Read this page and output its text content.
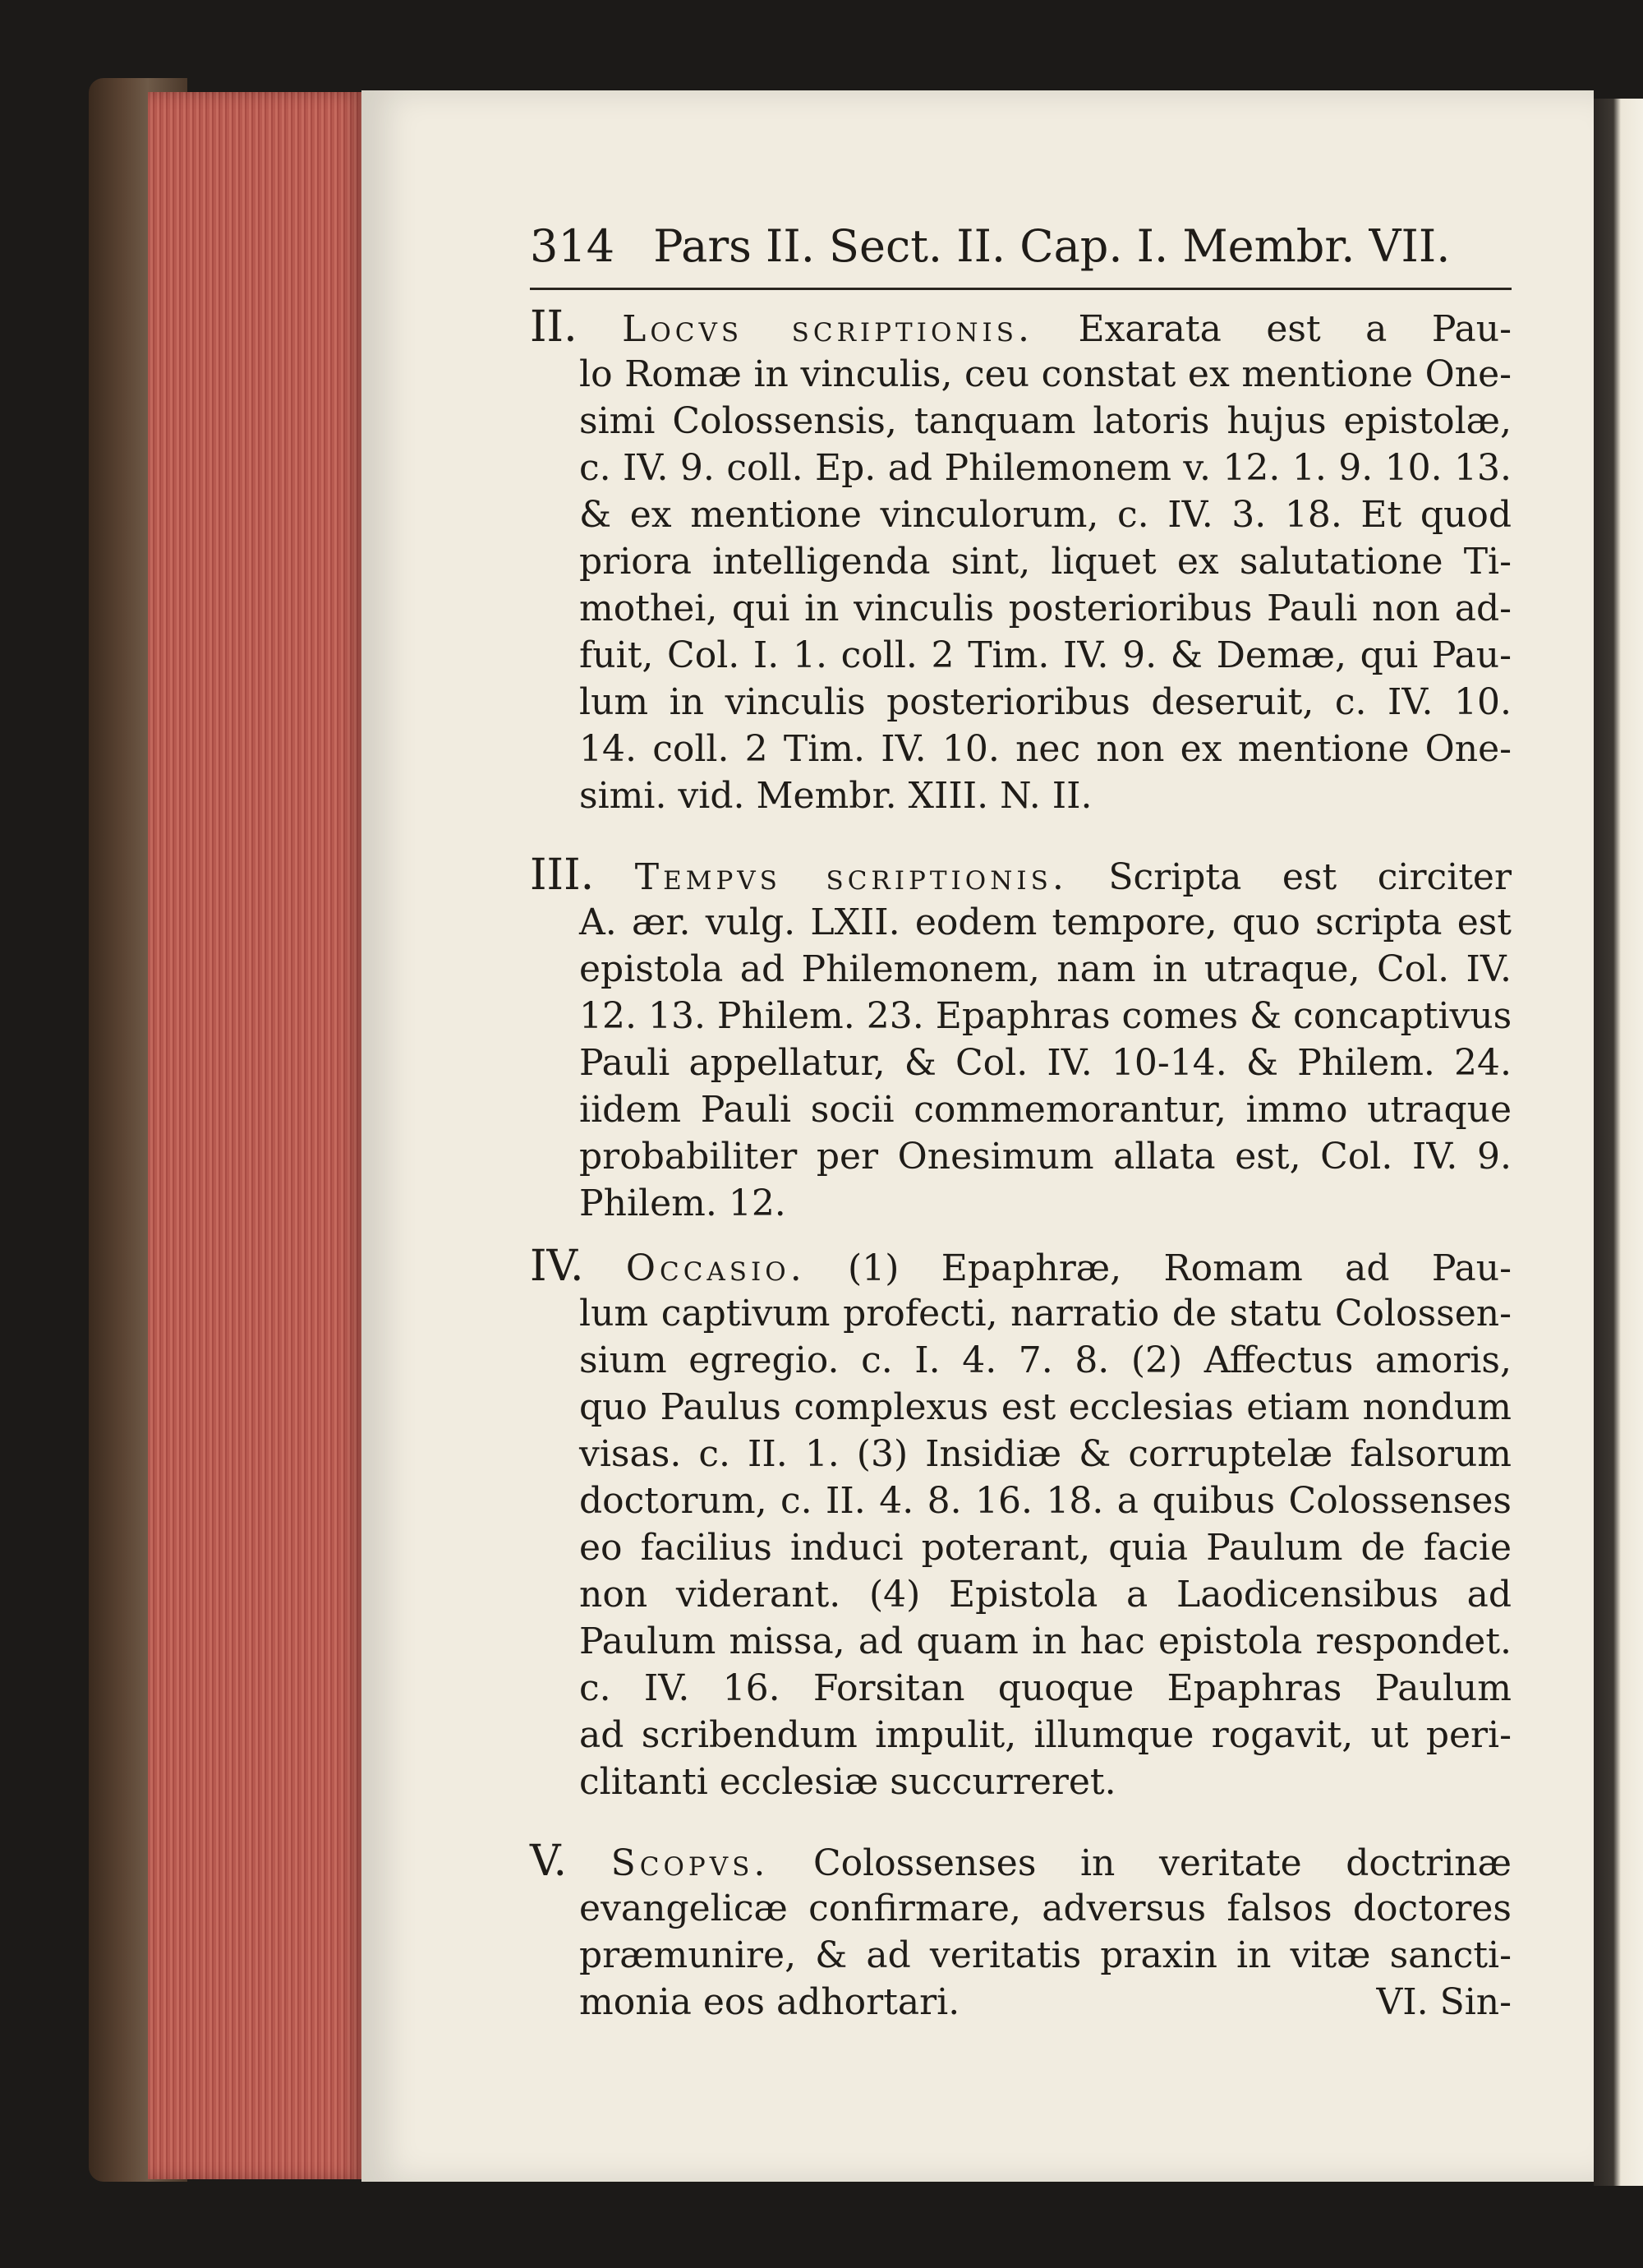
314 Pars II. Sect. II. Cap. I. Membr. VII.
II. Locvs scriptionis. Exarata est a Pau-
lo Romæ in vinculis, ceu constat ex mentione One-
simi Colossensis, tanquam latoris hujus epistolæ,
c. IV. 9. coll. Ep. ad Philemonem v. 12. 1. 9. 10. 13.
& ex mentione vinculorum, c. IV. 3. 18. Et quod
priora intelligenda sint, liquet ex salutatione Ti-
mothei, qui in vinculis posterioribus Pauli non ad-
fuit, Col. I. 1. coll. 2 Tim. IV. 9. & Demæ, qui Pau-
lum in vinculis posterioribus deseruit, c. IV. 10.
14. coll. 2 Tim. IV. 10. nec non ex mentione One-
simi. vid. Membr. XIII. N. II.
III. Tempvs scriptionis. Scripta est circiter
A. ær. vulg. LXII. eodem tempore, quo scripta est
epistola ad Philemonem, nam in utraque, Col. IV.
12. 13. Philem. 23. Epaphras comes & concaptivus
Pauli appellatur, & Col. IV. 10-14. & Philem. 24.
iidem Pauli socii commemorantur, immo utraque
probabiliter per Onesimum allata est, Col. IV. 9.
Philem. 12.
IV. Occasio. (1) Epaphræ, Romam ad Pau-
lum captivum profecti, narratio de statu Colossen-
sium egregio. c. I. 4. 7. 8. (2) Affectus amoris,
quo Paulus complexus est ecclesias etiam nondum
visas. c. II. 1. (3) Insidiæ & corruptelæ falsorum
doctorum, c. II. 4. 8. 16. 18. a quibus Colossenses
eo facilius induci poterant, quia Paulum de facie
non viderant. (4) Epistola a Laodicensibus ad
Paulum missa, ad quam in hac epistola respondet.
c. IV. 16. Forsitan quoque Epaphras Paulum
ad scribendum impulit, illumque rogavit, ut peri-
clitanti ecclesiæ succurreret.
V. Scopvs. Colossenses in veritate doctrinæ
evangelicæ confirmare, adversus falsos doctores
præmunire, & ad veritatis praxin in vitæ sancti-
monia eos adhortari.	VI. Sin-
